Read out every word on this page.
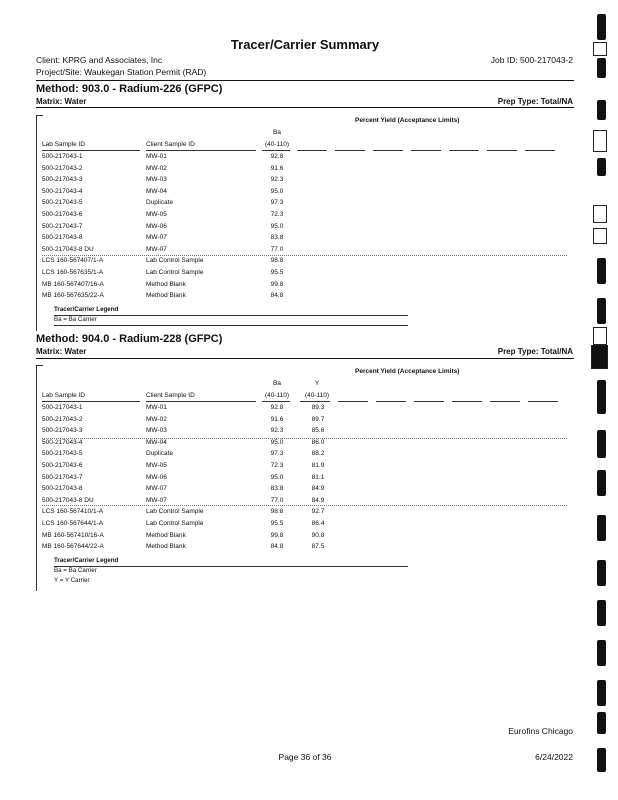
Tracer/Carrier Summary
Client: KPRG and Associates, Inc	Job ID: 500-217043-2
Project/Site: Waukegan Station Permit (RAD)
Method: 903.0 - Radium-226 (GFPC)
Matrix: Water	Prep Type: Total/NA
Percent Yield (Acceptance Limits)
Ba
Lab Sample ID	Client Sample ID	(40-110)
500-217043-1	MW-01	92.8
500-217043-2	MW-02	91.6
500-217043-3	MW-03	92.3
500-217043-4	MW-04	95.0
500-217043-5	Duplicate	97.3
500-217043-6	MW-05	72.3
500-217043-7	MW-06	95.0
500-217043-8	MW-07	83.8
500-217043-8 DU	MW-07	77.0
LCS 160-567407/1-A	Lab Control Sample	98.8
LCS 160-567635/1-A	Lab Control Sample	95.5
MB 160-567407/16-A	Method Blank	99.8
MB 160-567635/22-A	Method Blank	84.8
Tracer/Carrier Legend
Ba = Ba Carrier
Method: 904.0 - Radium-228 (GFPC)
Matrix: Water	Prep Type: Total/NA
Percent Yield (Acceptance Limits)
Ba	Y
Lab Sample ID	Client Sample ID	(40-110) (40-110)
500-217043-1	MW-01	92.8	89.3
500-217043-2	MW-02	91.6	89.7
500-217043-3	MW-03	92.3	85.6
500-217043-4	MW-04	95.0	86.0
500-217043-5	Duplicate	97.3	88.2
500-217043-6	MW-05	72.3	81.9
500-217043-7	MW-06	95.0	81.1
500-217043-8	MW-07	83.8	84.9
500-217043-8 DU	MW-07	77.0	84.9
LCS 160-567410/1-A	Lab Control Sample	98.8	92.7
LCS 160-567644/1-A	Lab Control Sample	95.5	86.4
MB 160-567410/16-A	Method Blank	99.8	90.8
MB 160-567644/22-A	Method Blank	84.8	87.5
Tracer/Carrier Legend
Ba = Ba Carrier
Y = Y Carrier
Eurofins Chicago
Page 36 of 36	6/24/2022
